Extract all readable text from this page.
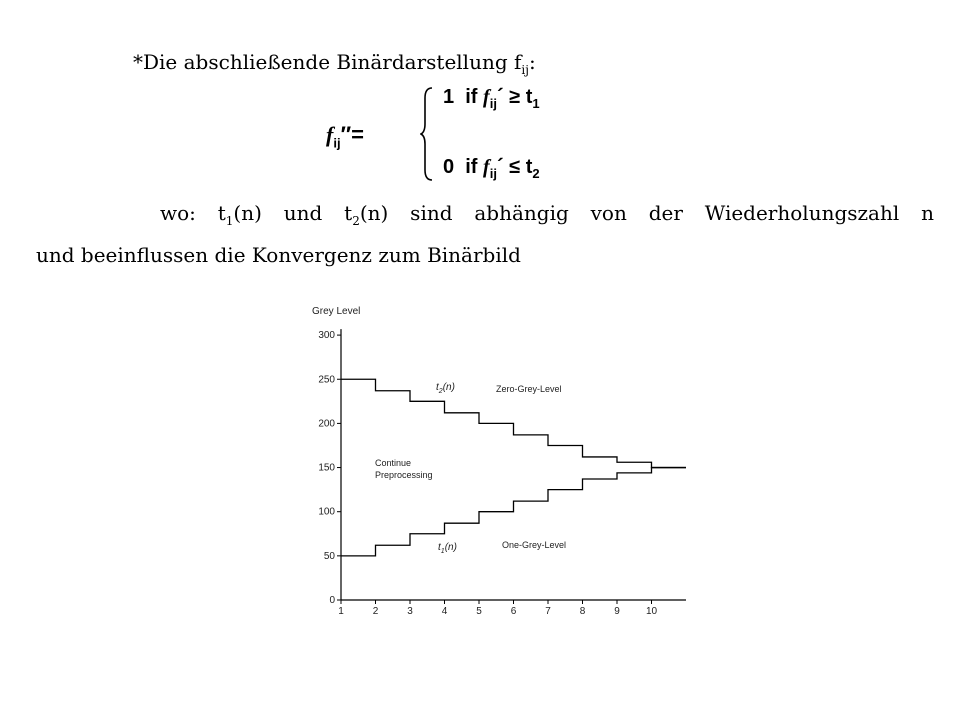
*Die abschließende Binärdarstellung $f_{ij}$:
$f_{ij}''=$
1 if $f_{ij}´ \ge t_1$
0 if $f_{ij}´ \le t_2$
wo: $t_1(n)$ und $t_2(n)$ sind abhängig von der Wiederholungszahl n
und beeinflussen die Konvergenz zum Binärbild
Grey Level
0
50
100
150
200
250
300
1	2	3	4	5	6	7	8	9	10
Zero-Grey-Level
Continue
Preprocessing
One-Grey-Level
$t_2(n)$
$t_1(n)$
